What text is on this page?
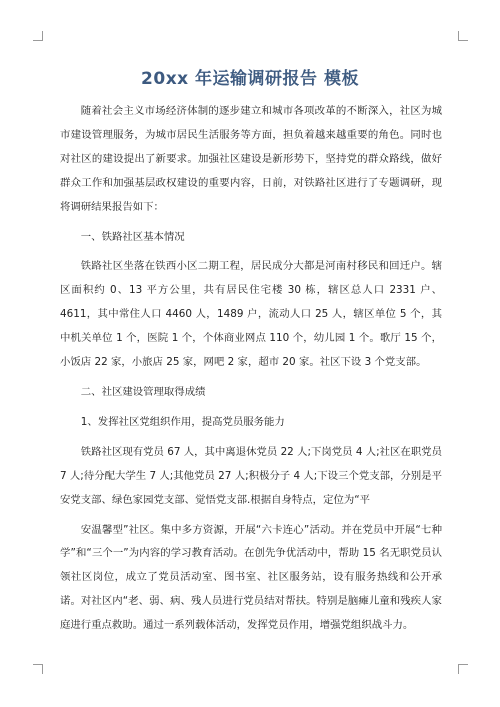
20xx 年运输调研报告 模板

随着社会主义市场经济体制的逐步建立和城市各项改革的不断深入，社区为城市建设管理服务，为城市居民生活服务等方面，担负着越来越重要的角色。同时也对社区的建设提出了新要求。加强社区建设是新形势下，坚持党的群众路线，做好群众工作和加强基层政权建设的重要内容，日前，对铁路社区进行了专题调研，现将调研结果报告如下：

一、铁路社区基本情况

铁路社区坐落在铁西小区二期工程，居民成分大都是河南村移民和回迁户。辖区面积约 0、13 平方公里，共有居民住宅楼 30 栋，辖区总人口 2331 户、4611，其中常住人口 4460 人，1489 户，流动人口 25 人，辖区单位 5 个，其中机关单位 1 个，医院 1 个，个体商业网点 110 个，幼儿园 1 个。歌厅 15 个，小饭店 22 家，小旅店 25 家，网吧 2 家，超市 20 家。社区下设 3 个党支部。

二、社区建设管理取得成绩

1、发挥社区党组织作用，提高党员服务能力

铁路社区现有党员 67 人，其中离退休党员 22 人;下岗党员 4 人;社区在职党员 7 人;待分配大学生 7 人;其他党员 27 人;积极分子 4 人;下设三个党支部，分别是平安党支部、绿色家园党支部、觉悟党支部.根据自身特点，定位为“平

安温馨型”社区。集中多方资源，开展“六卡连心”活动。并在党员中开展“七种学”和“三个一”为内容的学习教育活动。在创先争优活动中，帮助 15 名无职党员认领社区岗位，成立了党员活动室、图书室、社区服务站，设有服务热线和公开承诺。对社区内“老、弱、病、残人员进行党员结对帮扶。特别是脑瘫儿童和残疾人家庭进行重点救助。通过一系列载体活动，发挥党员作用，增强党组织战斗力。
